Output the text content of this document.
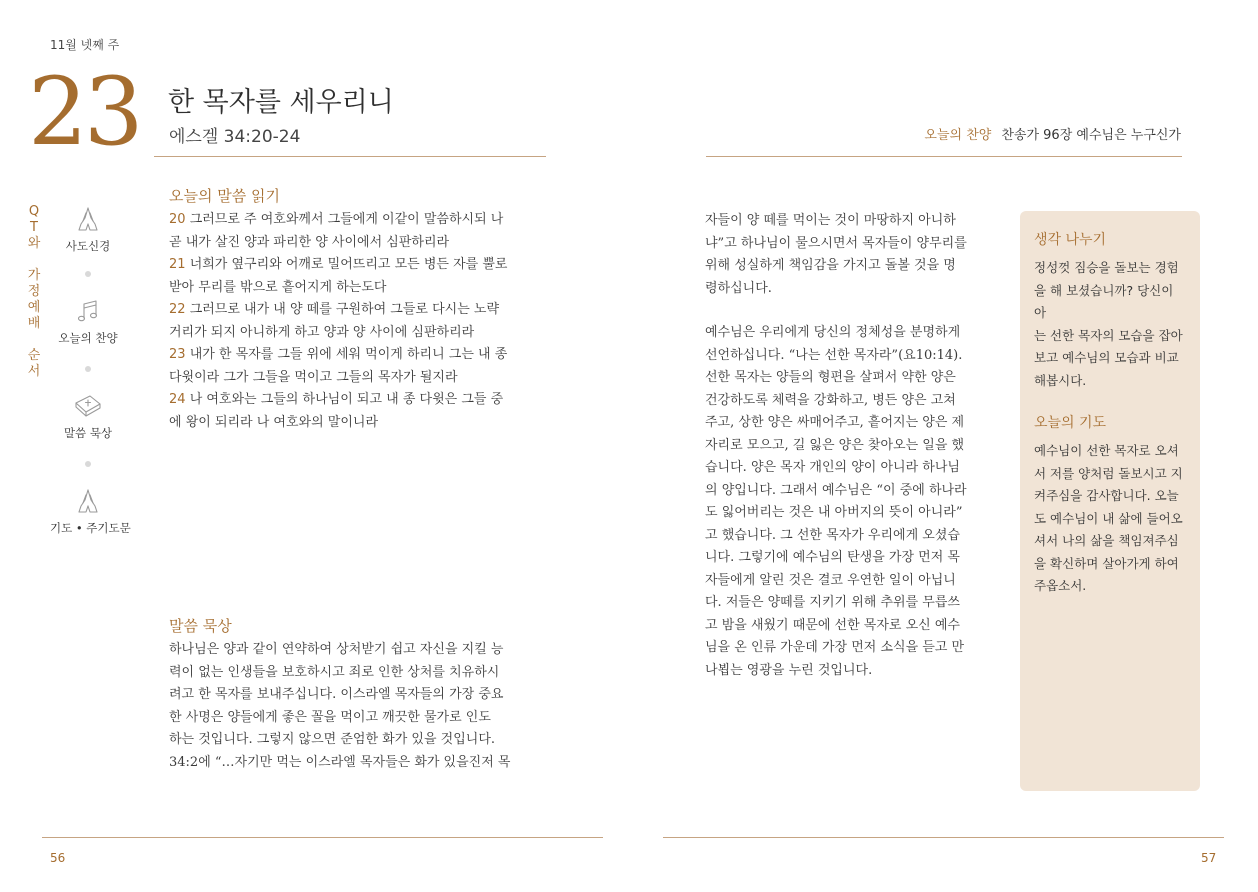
11월 넷째 주
23 한 목자를 세우리니
에스겔 34:20-24	오늘의 찬양 찬송가 96장 예수님은 누구신가
Q
T
와
가
정
예
배
순
서
사도신경
오늘의 찬양
말씀 묵상
기도 • 주기도문
오늘의 말씀 읽기
20 그러므로 주 여호와께서 그들에게 이같이 말씀하시되 나
곧 내가 살진 양과 파리한 양 사이에서 심판하리라
21 너희가 옆구리와 어깨로 밀어뜨리고 모든 병든 자를 뿔로
받아 무리를 밖으로 흩어지게 하는도다
22 그러므로 내가 내 양 떼를 구원하여 그들로 다시는 노략
거리가 되지 아니하게 하고 양과 양 사이에 심판하리라
23 내가 한 목자를 그들 위에 세워 먹이게 하리니 그는 내 종
다윗이라 그가 그들을 먹이고 그들의 목자가 될지라
24 나 여호와는 그들의 하나님이 되고 내 종 다윗은 그들 중
에 왕이 되리라 나 여호와의 말이니라
말씀 묵상
하나님은 양과 같이 연약하여 상처받기 쉽고 자신을 지킬 능
력이 없는 인생들을 보호하시고 죄로 인한 상처를 치유하시
려고 한 목자를 보내주십니다. 이스라엘 목자들의 가장 중요
한 사명은 양들에게 좋은 꼴을 먹이고 깨끗한 물가로 인도
하는 것입니다. 그렇지 않으면 준엄한 화가 있을 것입니다.
34:2에 “…자기만 먹는 이스라엘 목자들은 화가 있을진저 목
자들이 양 떼를 먹이는 것이 마땅하지 아니하
냐”고 하나님이 물으시면서 목자들이 양무리를
위해 성실하게 책임감을 가지고 돌볼 것을 명
령하십니다.
예수님은 우리에게 당신의 정체성을 분명하게
선언하십니다. “나는 선한 목자라”(요10:14).
선한 목자는 양들의 형편을 살펴서 약한 양은
건강하도록 체력을 강화하고, 병든 양은 고쳐
주고, 상한 양은 싸매어주고, 흩어지는 양은 제
자리로 모으고, 길 잃은 양은 찾아오는 일을 했
습니다. 양은 목자 개인의 양이 아니라 하나님
의 양입니다. 그래서 예수님은 “이 중에 하나라
도 잃어버리는 것은 내 아버지의 뜻이 아니라”
고 했습니다. 그 선한 목자가 우리에게 오셨습
니다. 그렇기에 예수님의 탄생을 가장 먼저 목
자들에게 알린 것은 결코 우연한 일이 아닙니
다. 저들은 양떼를 지키기 위해 추위를 무릅쓰
고 밤을 새웠기 때문에 선한 목자로 오신 예수
님을 온 인류 가운데 가장 먼저 소식을 듣고 만
나뵙는 영광을 누린 것입니다.
생각 나누기
정성껏 짐승을 돌보는 경험
을 해 보셨습니까? 당신이 아
는 선한 목자의 모습을 잡아
보고 예수님의 모습과 비교
해봅시다.
오늘의 기도
예수님이 선한 목자로 오셔
서 저를 양처럼 돌보시고 지
켜주심을 감사합니다. 오늘
도 예수님이 내 삶에 들어오
셔서 나의 삶을 책임져주심
을 확신하며 살아가게 하여
주옵소서.
56	57
